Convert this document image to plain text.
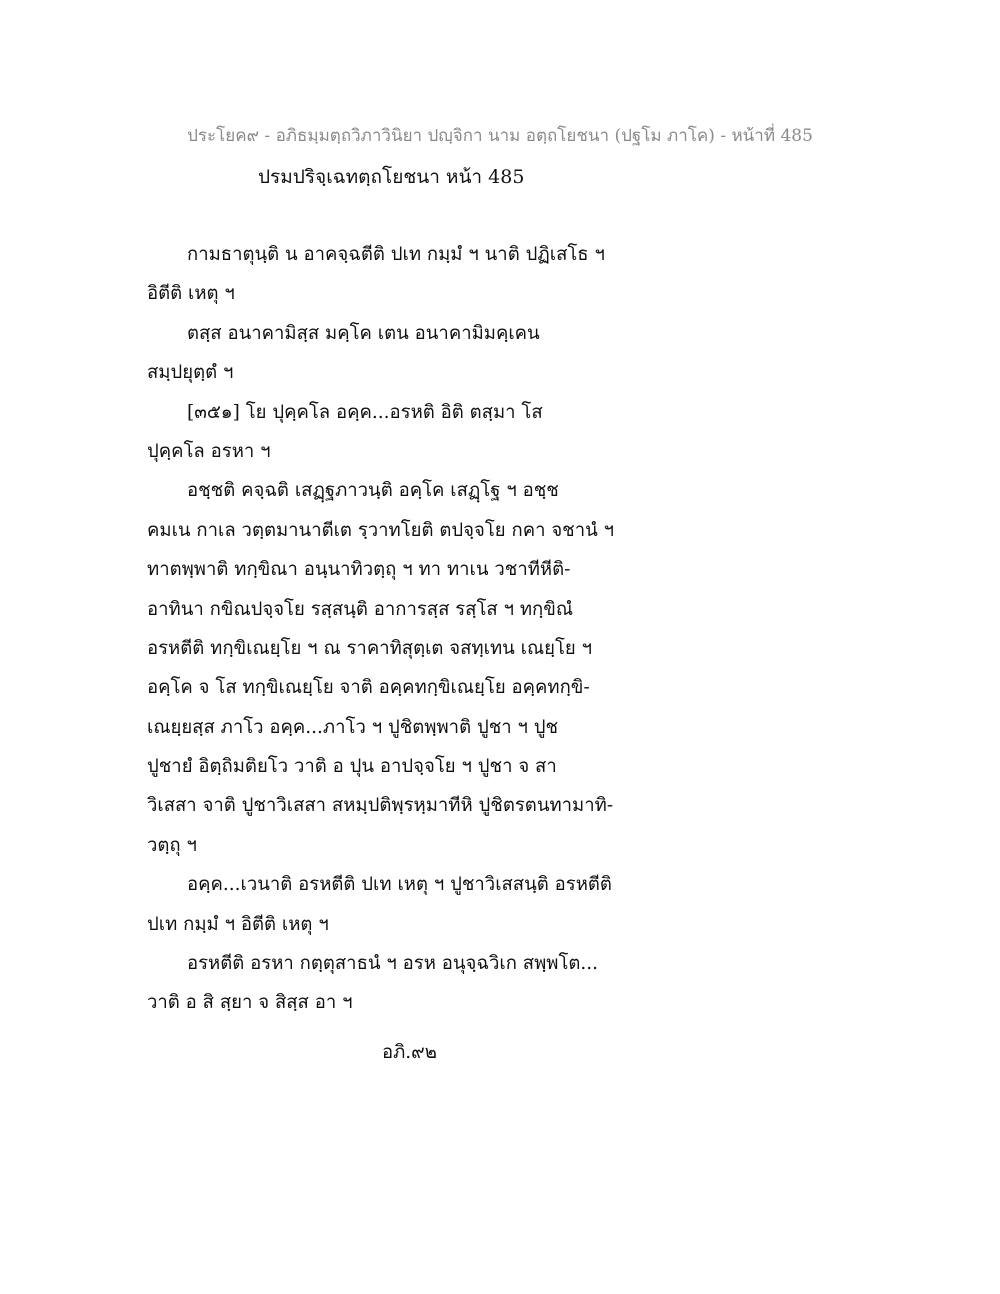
ประโยค๙ - อภิธมฺมตฺถวิภาวินิยา ปญฺจิกา นาม อตฺถโยชนา (ปฐโม ภาโค) - หน้าที่ 485
ปรมปริจฺเฉทตฺถโยชนา หน้า 485
กามธาตุนฺติ น อาคจฺฉตีติ ปเท กมฺมํ ฯ นาติ ปฏิเสโธ ฯ
อิตีติ เหตุ ฯ
ตสฺส อนาคามิสฺส มคฺโค เตน อนาคามิมคฺเคน
สมฺปยุตฺตํ ฯ
[๓๕๑] โย ปุคฺคโล อคฺค...อรหติ อิติ ตสฺมา โส
ปุคฺคโล อรหา ฯ
อชฺชติ คจฺฉติ เสฏฺฐภาวนฺติ อคฺโค เสฏฺโฐ ฯ อชฺช
คมเน กาเล วตฺตมานาตีเต รฺวาทโยติ ตปจฺจโย กคา จชานํ ฯ
ทาตพฺพาติ ทกฺขิณา อนฺนาทิวตฺถุ ฯ ทา ทาเน วชาทีหีติ-
อาทินา กขิณปจฺจโย รสฺสนฺติ อาการสฺส รสฺโส ฯ ทกฺขิณํ
อรหตีติ ทกฺขิเณยฺโย ฯ ณ ราคาทิสุตฺเต จสทฺเทน เณยฺโย ฯ
อคฺโค จ โส ทกฺขิเณยฺโย จาติ อคฺคทกฺขิเณยฺโย อคฺคทกฺขิ-
เณยฺยสฺส ภาโว อคฺค...ภาโว ฯ ปูชิตพฺพาติ ปูชา ฯ ปูช
ปูชายํ อิตฺถิมติยโว วาติ อ ปุน อาปจฺจโย ฯ ปูชา จ สา
วิเสสา จาติ ปูชาวิเสสา สหมฺปติพฺรหฺมาทีหิ ปูชิตรตนทามาทิ-
วตฺถุ ฯ
อคฺค...เวนาติ อรหตีติ ปเท เหตุ ฯ ปูชาวิเสสนฺติ อรหตีติ
ปเท กมฺมํ ฯ อิตีติ เหตุ ฯ
อรหตีติ อรหา กตฺตุสาธนํ ฯ อรห อนุจฺฉวิเก สพฺพโต...
วาติ อ สิ สฺยา จ สิสฺส อา ฯ
อภิ.๙๒
